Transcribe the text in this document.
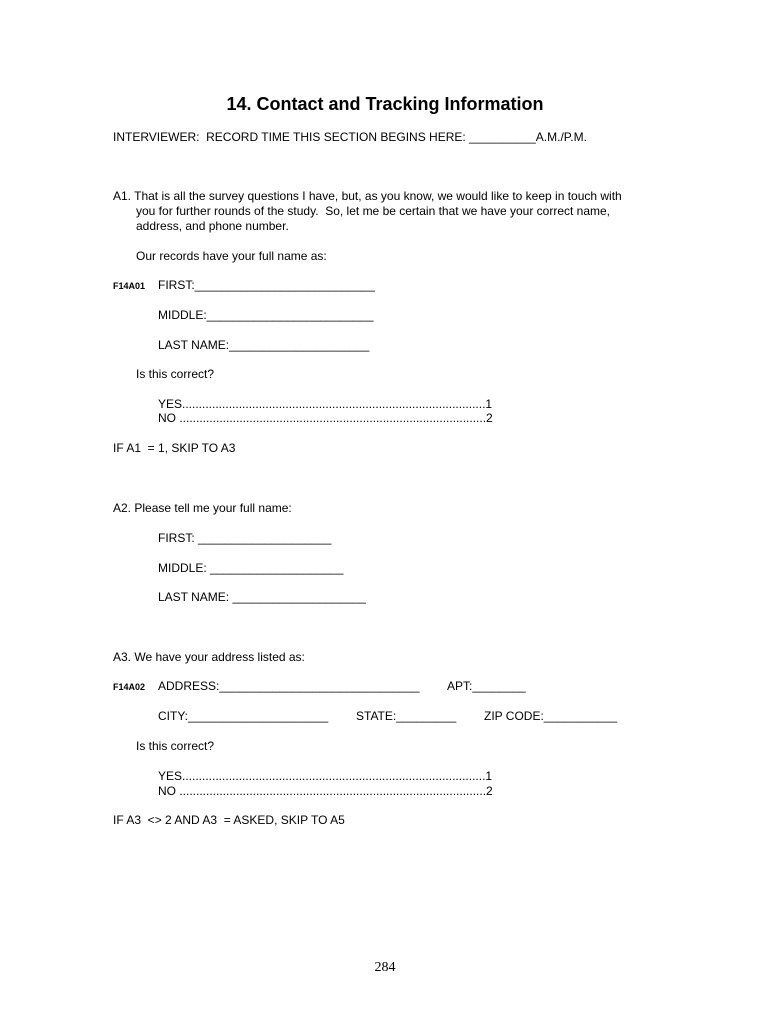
14. Contact and Tracking Information
INTERVIEWER:  RECORD TIME THIS SECTION BEGINS HERE: __________A.M./P.M.
A1. That is all the survey questions I have, but, as you know, we would like to keep in touch with
you for further rounds of the study.  So, let me be certain that we have your correct name,
address, and phone number.
Our records have your full name as:
F14A01 FIRST:___________________________
MIDDLE:_________________________
LAST NAME:_____________________
Is this correct?
YES...........................................................................................1
NO ............................................................................................2
IF A1  = 1, SKIP TO A3
A2. Please tell me your full name:
FIRST: ____________________
MIDDLE: ____________________
LAST NAME: ____________________
A3. We have your address listed as:
F14A02 ADDRESS:______________________________ APT:________
CITY:_____________________ STATE:_________ ZIP CODE:___________
Is this correct?
YES...........................................................................................1
NO ............................................................................................2
IF A3  <> 2 AND A3  = ASKED, SKIP TO A5
284
